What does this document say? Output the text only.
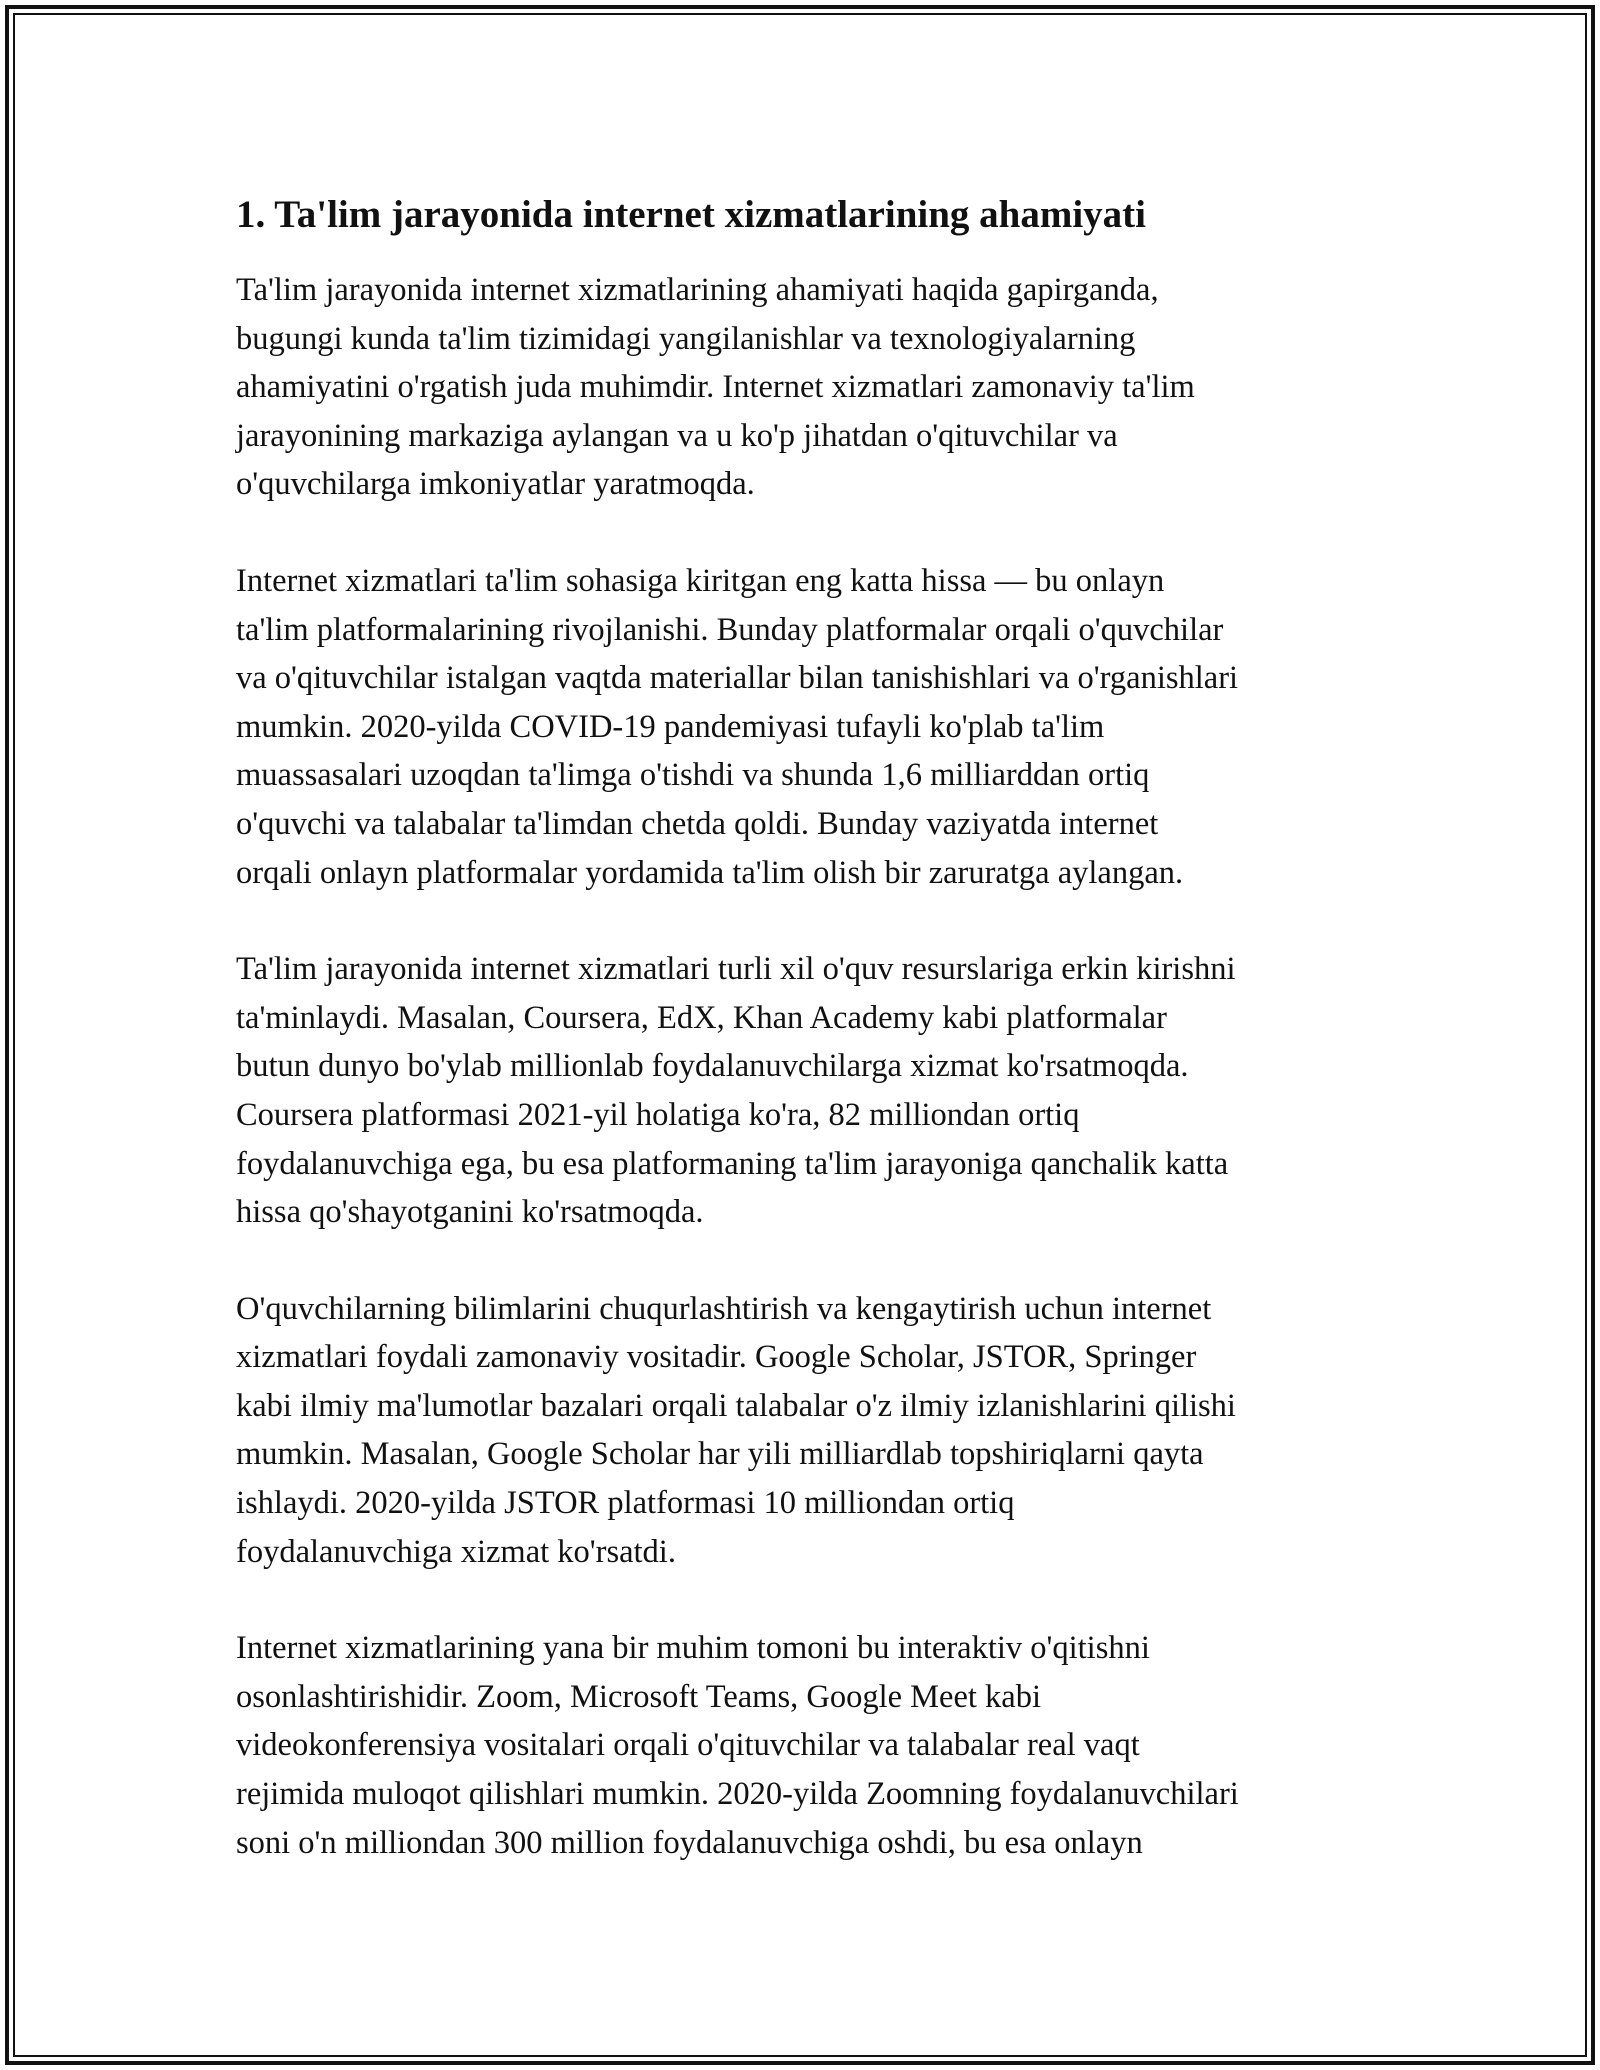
1. Ta'lim jarayonida internet xizmatlarining ahamiyati

Ta'lim jarayonida internet xizmatlarining ahamiyati haqida gapirganda,
bugungi kunda ta'lim tizimidagi yangilanishlar va texnologiyalarning
ahamiyatini o'rgatish juda muhimdir. Internet xizmatlari zamonaviy ta'lim
jarayonining markaziga aylangan va u ko'p jihatdan o'qituvchilar va
o'quvchilarga imkoniyatlar yaratmoqda.

Internet xizmatlari ta'lim sohasiga kiritgan eng katta hissa — bu onlayn
ta'lim platformalarining rivojlanishi. Bunday platformalar orqali o'quvchilar
va o'qituvchilar istalgan vaqtda materiallar bilan tanishishlari va o'rganishlari
mumkin. 2020-yilda COVID-19 pandemiyasi tufayli ko'plab ta'lim
muassasalari uzoqdan ta'limga o'tishdi va shunda 1,6 milliarddan ortiq
o'quvchi va talabalar ta'limdan chetda qoldi. Bunday vaziyatda internet
orqali onlayn platformalar yordamida ta'lim olish bir zaruratga aylangan.

Ta'lim jarayonida internet xizmatlari turli xil o'quv resurslariga erkin kirishni
ta'minlaydi. Masalan, Coursera, EdX, Khan Academy kabi platformalar
butun dunyo bo'ylab millionlab foydalanuvchilarga xizmat ko'rsatmoqda.
Coursera platformasi 2021-yil holatiga ko'ra, 82 milliondan ortiq
foydalanuvchiga ega, bu esa platformaning ta'lim jarayoniga qanchalik katta
hissa qo'shayotganini ko'rsatmoqda.

O'quvchilarning bilimlarini chuqurlashtirish va kengaytirish uchun internet
xizmatlari foydali zamonaviy vositadir. Google Scholar, JSTOR, Springer
kabi ilmiy ma'lumotlar bazalari orqali talabalar o'z ilmiy izlanishlarini qilishi
mumkin. Masalan, Google Scholar har yili milliardlab topshiriqlarni qayta
ishlaydi. 2020-yilda JSTOR platformasi 10 milliondan ortiq
foydalanuvchiga xizmat ko'rsatdi.

Internet xizmatlarining yana bir muhim tomoni bu interaktiv o'qitishni
osonlashtirishidir. Zoom, Microsoft Teams, Google Meet kabi
videokonferensiya vositalari orqali o'qituvchilar va talabalar real vaqt
rejimida muloqot qilishlari mumkin. 2020-yilda Zoomning foydalanuvchilari
soni o'n milliondan 300 million foydalanuvchiga oshdi, bu esa onlayn
